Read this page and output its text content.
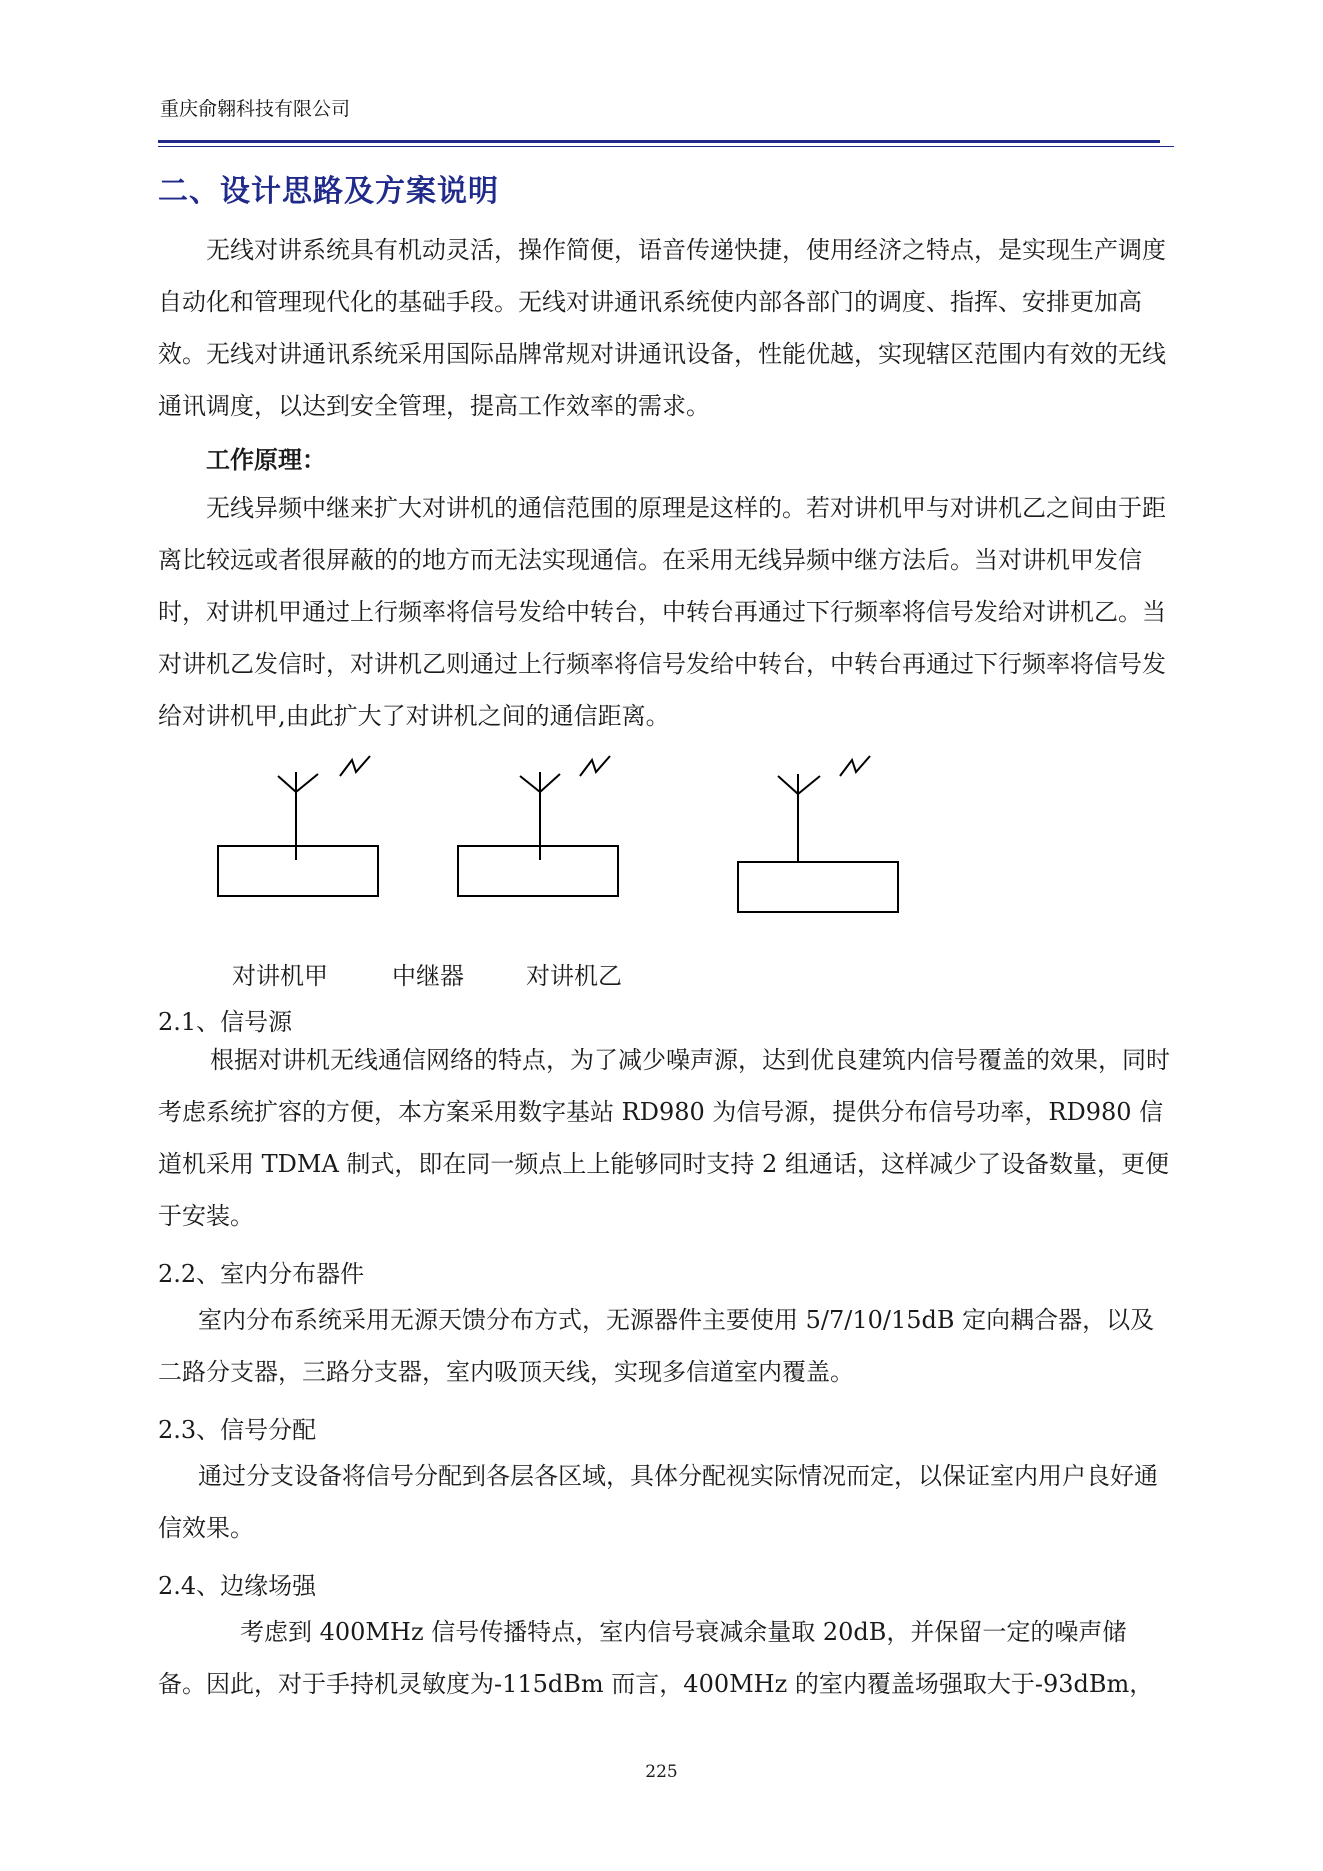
重庆俞翱科技有限公司
二、设计思路及方案说明

无线对讲系统具有机动灵活，操作简便，语音传递快捷，使用经济之特点，是实现生产调度自动化和管理现代化的基础手段。无线对讲通讯系统使内部各部门的调度、指挥、安排更加高效。无线对讲通讯系统采用国际品牌常规对讲通讯设备，性能优越，实现辖区范围内有效的无线通讯调度，以达到安全管理，提高工作效率的需求。

工作原理：

无线异频中继来扩大对讲机的通信范围的原理是这样的。若对讲机甲与对讲机乙之间由于距离比较远或者很屏蔽的的地方而无法实现通信。在采用无线异频中继方法后。当对讲机甲发信时，对讲机甲通过上行频率将信号发给中转台，中转台再通过下行频率将信号发给对讲机乙。当对讲机乙发信时，对讲机乙则通过上行频率将信号发给中转台，中转台再通过下行频率将信号发给对讲机甲,由此扩大了对讲机之间的通信距离。

对讲机甲	中继器	对讲机乙

2.1、信号源

根据对讲机无线通信网络的特点，为了减少噪声源，达到优良建筑内信号覆盖的效果，同时考虑系统扩容的方便，本方案采用数字基站 RD980 为信号源，提供分布信号功率，RD980 信道机采用 TDMA 制式，即在同一频点上上能够同时支持 2 组通话，这样减少了设备数量，更便于安装。

2.2、室内分布器件

室内分布系统采用无源天馈分布方式，无源器件主要使用 5/7/10/15dB 定向耦合器，以及二路分支器，三路分支器，室内吸顶天线，实现多信道室内覆盖。

2.3、信号分配

通过分支设备将信号分配到各层各区域，具体分配视实际情况而定，以保证室内用户良好通信效果。

2.4、边缘场强

考虑到 400MHz 信号传播特点，室内信号衰减余量取 20dB，并保留一定的噪声储备。因此，对于手持机灵敏度为-115dBm 而言，400MHz 的室内覆盖场强取大于-93dBm，

225
